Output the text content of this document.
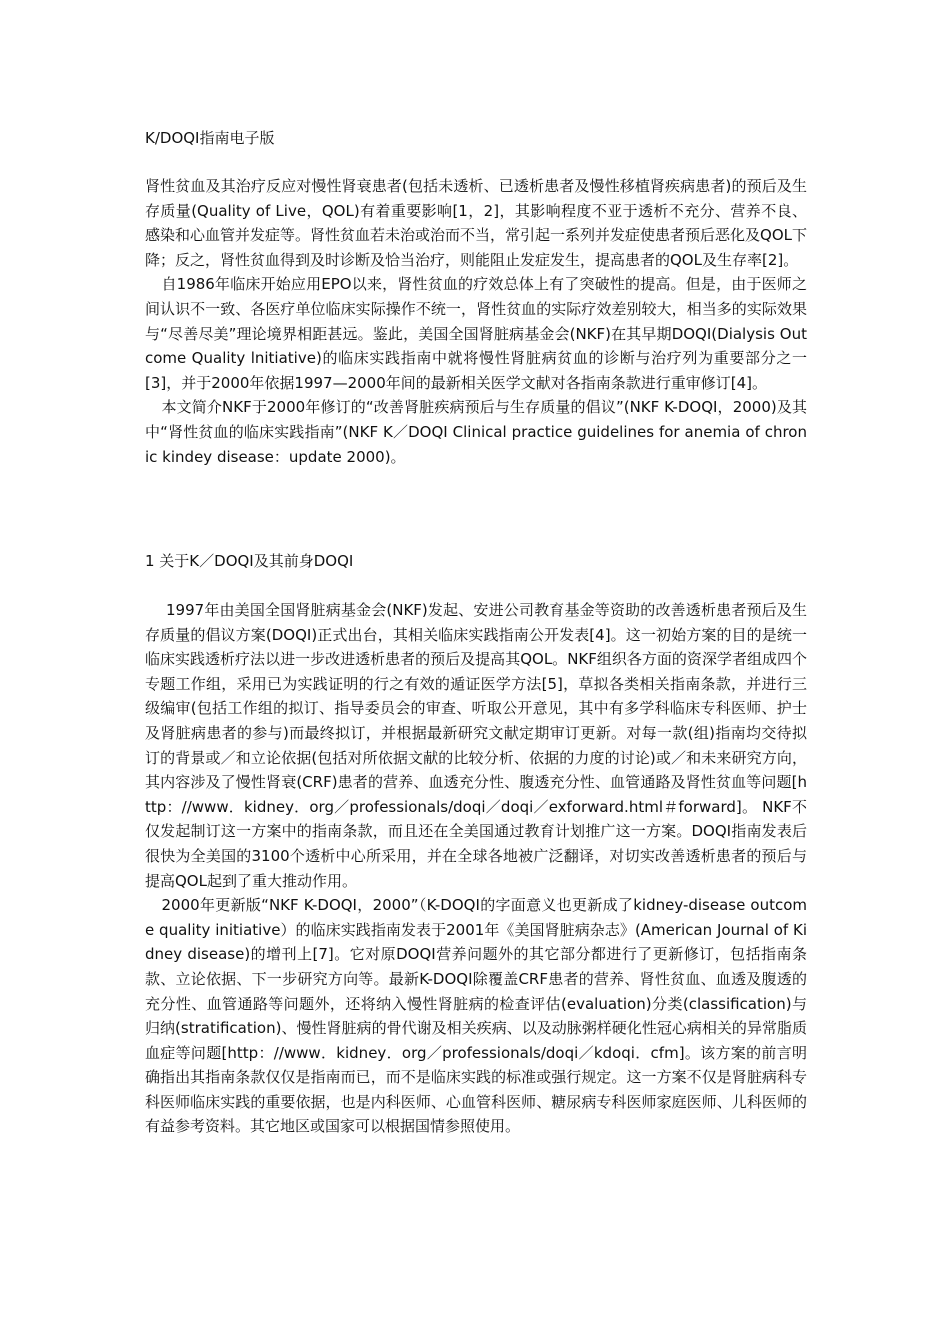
K/DOQI指南电子版

肾性贫血及其治疗反应对慢性肾衰患者(包括未透析、已透析患者及慢性移植肾疾病患者)的预后及生存质量(Quality of Live，QOL)有着重要影响[1，2]，其影响程度不亚于透析不充分、营养不良、感染和心血管并发症等。肾性贫血若未治或治而不当，常引起一系列并发症使患者预后恶化及QOL下降；反之，肾性贫血得到及时诊断及恰当治疗，则能阻止发症发生，提高患者的QOL及生存率[2]。

自1986年临床开始应用EPO以来，肾性贫血的疗效总体上有了突破性的提高。但是，由于医师之间认识不一致、各医疗单位临床实际操作不统一，肾性贫血的实际疗效差别较大，相当多的实际效果与“尽善尽美”理论境界相距甚远。鉴此，美国全国肾脏病基金会(NKF)在其早期DOQI(Dialysis Outcome Quality lnitiative)的临床实践指南中就将慢性肾脏病贫血的诊断与治疗列为重要部分之一[3]，并于2000年依据1997—2000年间的最新相关医学文献对各指南条款进行重审修订[4]。

本文简介NKF于2000年修订的“改善肾脏疾病预后与生存质量的倡议”(NKF K-DOQI，2000)及其中“肾性贫血的临床实践指南”(NKF K／DOQI Clinical practice guidelines for anemia of chronic kindey disease：update 2000)。

1 关于K／DOQI及其前身DOQI

1997年由美国全国肾脏病基金会(NKF)发起、安进公司教育基金等资助的改善透析患者预后及生存质量的倡议方案(DOQI)正式出台，其相关临床实践指南公开发表[4]。这一初始方案的目的是统一临床实践透析疗法以进一步改进透析患者的预后及提高其QOL。NKF组织各方面的资深学者组成四个专题工作组，采用已为实践证明的行之有效的遁证医学方法[5]，草拟各类相关指南条款，并进行三级编审(包括工作组的拟订、指导委员会的审查、听取公开意见，其中有多学科临床专科医师、护士及肾脏病患者的参与)而最终拟订，并根据最新研究文献定期审订更新。对每一款(组)指南均交待拟订的背景或／和立论依据(包括对所依据文献的比较分析、依据的力度的讨论)或／和未来研究方向，其内容涉及了慢性肾衰(CRF)患者的营养、血透充分性、腹透充分性、血管通路及肾性贫血等问题[http：//www．kidney．org／professionals/doqi／doqi／exforward.html＃forward]。 NKF不仅发起制订这一方案中的指南条款，而且还在全美国通过教育计划推广这一方案。DOQI指南发表后很快为全美国的3100个透析中心所采用，并在全球各地被广泛翻译，对切实改善透析患者的预后与提高QOL起到了重大推动作用。

2000年更新版“NKF K-DOQI，2000”（K-DOQI的字面意义也更新成了kidney-disease outcome quality initiative）的临床实践指南发表于2001年《美国肾脏病杂志》(American Journal of Kidney disease)的增刊上[7]。它对原DOQI营养问题外的其它部分都进行了更新修订，包括指南条款、立论依据、下一步研究方向等。最新K-DOQI除覆盖CRF患者的营养、肾性贫血、血透及腹透的充分性、血管通路等问题外，还将纳入慢性肾脏病的检查评估(evaluation)分类(classification)与归纳(stratification)、慢性肾脏病的骨代谢及相关疾病、以及动脉粥样硬化性冠心病相关的异常脂质血症等问题[http：//www．kidney．org／professionals/doqi／kdoqi．cfm]。该方案的前言明确指出其指南条款仅仅是指南而已，而不是临床实践的标准或强行规定。这一方案不仅是肾脏病科专科医师临床实践的重要依据，也是内科医师、心血管科医师、糖尿病专科医师家庭医师、儿科医师的有益参考资料。其它地区或国家可以根据国情参照使用。
